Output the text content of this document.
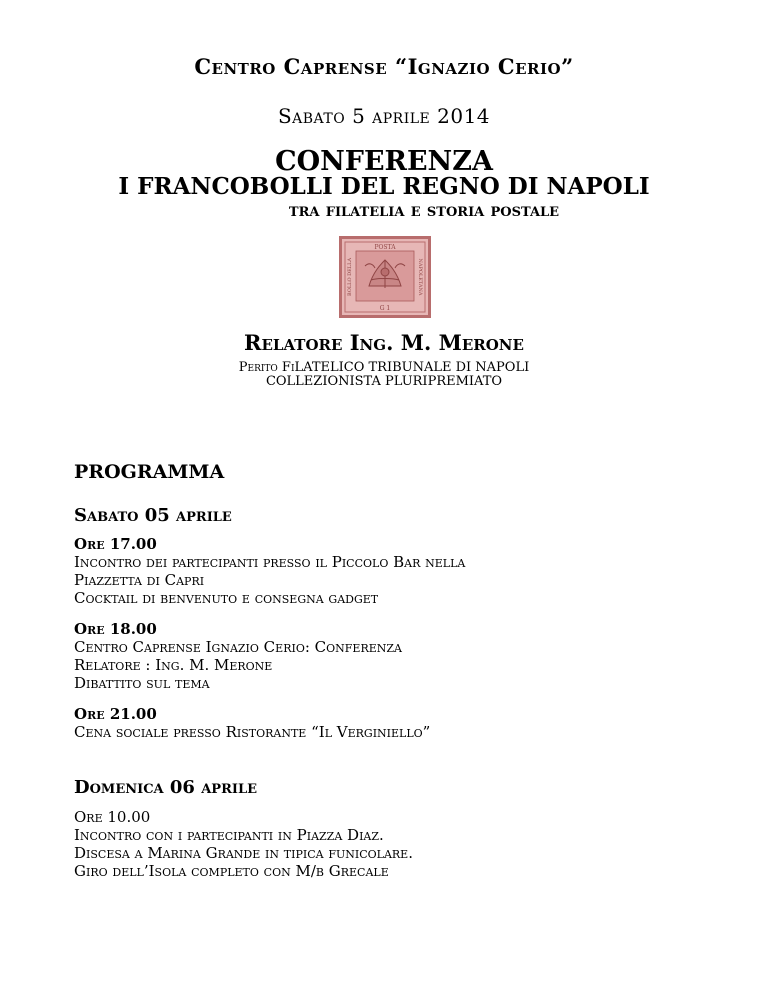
Centro Caprense “Ignazio Cerio”
Sabato 5 aprile 2014
CONFERENZA
I FRANCOBOLLI DEL REGNO DI NAPOLI
tra filatelia e storia postale
POSTA
G 1
BOLLO DELLA	NAPOLETANA
Relatore Ing. M. Merone
Perito FiLATELICO TRIBUNALE DI NAPOLI
COLLEZIONISTA PLURIPREMIATO
PROGRAMMA
Sabato 05 aprile
Ore 17.00
Incontro dei partecipanti presso il Piccolo Bar nella
Piazzetta di Capri
Cocktail di benvenuto e consegna gadget
Ore 18.00
Centro Caprense Ignazio Cerio: Conferenza
Relatore : Ing. M. Merone
Dibattito sul tema
Ore 21.00
Cena sociale presso Ristorante “Il Verginiello”
Domenica 06 aprile
Ore 10.00
Incontro con i partecipanti in Piazza Diaz.
Discesa a Marina Grande in tipica funicolare.
Giro dell’Isola completo con M/b Grecale
